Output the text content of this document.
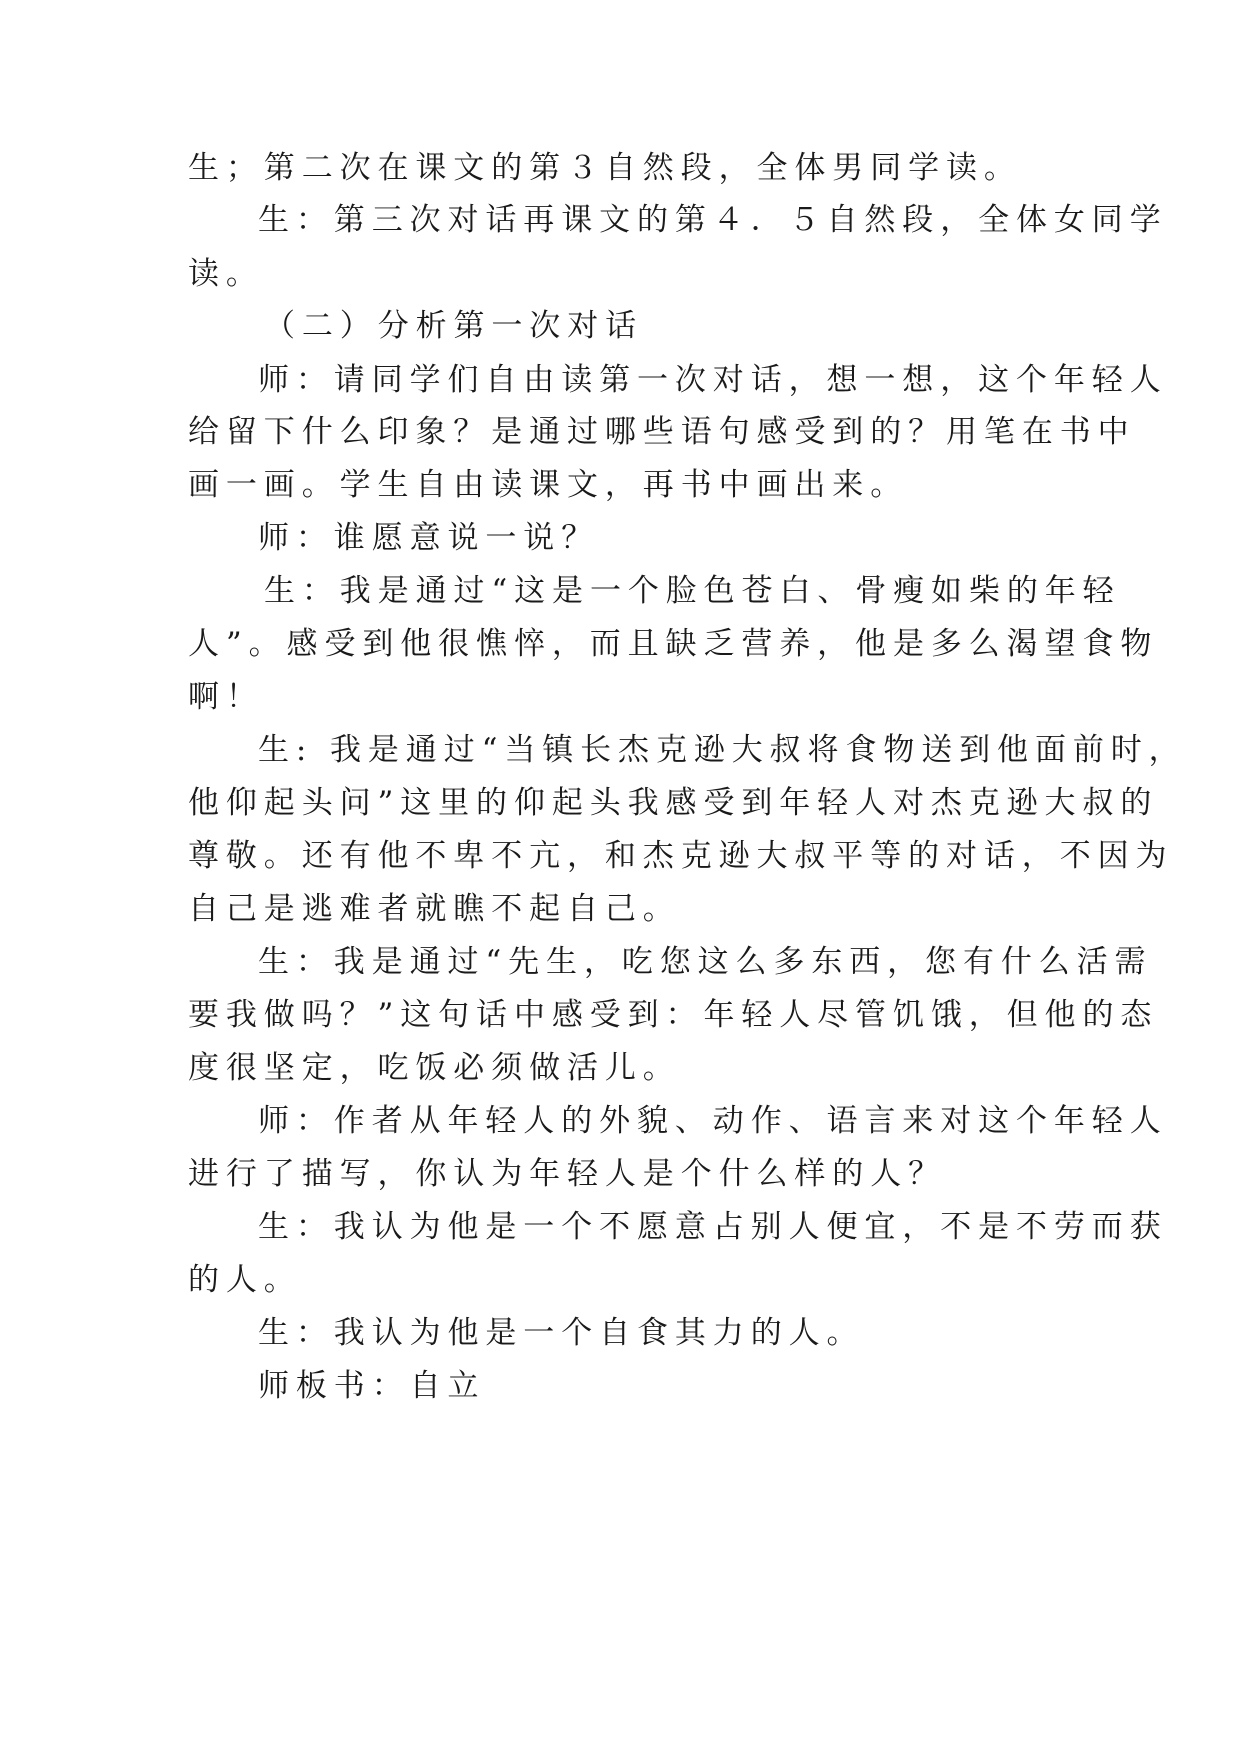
生；第二次在课文的第３自然段，全体男同学读。
生：第三次对话再课文的第４．５自然段，全体女同学
读。
（二）分析第一次对话
师：请同学们自由读第一次对话，想一想，这个年轻人
给留下什么印象？是通过哪些语句感受到的？用笔在书中
画一画。学生自由读课文，再书中画出来。
师：谁愿意说一说？
生：我是通过“这是一个脸色苍白、骨瘦如柴的年轻
人”。感受到他很憔悴，而且缺乏营养，他是多么渴望食物
啊！
生: 我是通过“当镇长杰克逊大叔将食物送到他面前时，
他仰起头问”这里的仰起头我感受到年轻人对杰克逊大叔的
尊敬。还有他不卑不亢，和杰克逊大叔平等的对话，不因为
自己是逃难者就瞧不起自己。
生：我是通过“先生，吃您这么多东西，您有什么活需
要我做吗？”这句话中感受到：年轻人尽管饥饿，但他的态
度很坚定，吃饭必须做活儿。
师：作者从年轻人的外貌、动作、语言来对这个年轻人
进行了描写，你认为年轻人是个什么样的人？
生：我认为他是一个不愿意占别人便宜，不是不劳而获
的人。
生：我认为他是一个自食其力的人。
师板书：自立
